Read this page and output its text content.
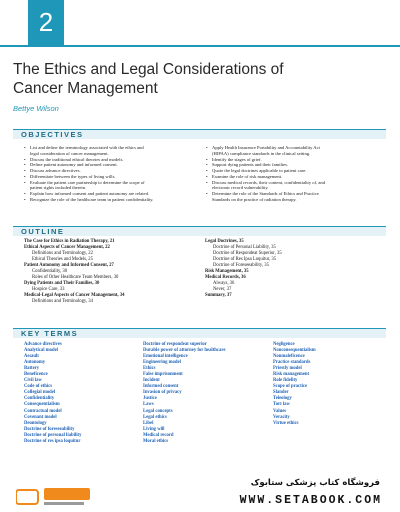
2
The Ethics and Legal Considerations of
Cancer Management
Bettye Wilson
OBJECTIVES
• List and define the terminology associated with the ethics and
legal consideration of cancer management.
• Discuss the traditional ethical theories and models.
• Define patient autonomy and informed consent.
• Discuss advance directives.
• Differentiate between the types of living wills.
• Evaluate the patient care partnership to determine the scope of
patient rights included therein.
• Explain how informed consent and patient autonomy are related.
• Recognize the role of the healthcare team in patient confidentiality.
• Apply Health Insurance Portability and Accountability Act
(HIPAA) compliance standards in the clinical setting.
• Identify the stages of grief.
• Support dying patients and their families.
• Quote the legal doctrines applicable to patient care.
• Examine the role of risk management.
• Discuss medical records, their content, confidentiality of, and
electronic record vulnerability.
• Determine the role of the Standards of Ethics and Practice
Standards on the practice of radiation therapy.
OUTLINE
The Case for Ethics in Radiation Therapy, 21
Ethical Aspects of Cancer Management, 22
Definitions and Terminology, 22
Ethical Theories and Models, 25
Patient Autonomy and Informed Consent, 27
Confidentiality, 30
Roles of Other Healthcare Team Members, 30
Dying Patients and Their Families, 30
Hospice Care, 33
Medical-Legal Aspects of Cancer Management, 34
Definitions and Terminology, 34
Legal Doctrines, 35
Doctrine of Personal Liability, 35
Doctrine of Respondeat Superior, 35
Doctrine of Res Ipsa Loquitur, 35
Doctrine of Foreseeability, 35
Risk Management, 35
Medical Records, 36
Always, 36
Never, 37
Summary, 37
KEY TERMS
Advance directives
Analytical model
Assault
Autonomy
Battery
Beneficence
Civil law
Code of ethics
Collegial model
Confidentiality
Consequentialism
Contractual model
Covenant model
Deontology
Doctrine of foreseeability
Doctrine of personal liability
Doctrine of res ipsa loquitur
Doctrine of respondeat superior
Durable power of attorney for healthcare
Emotional intelligence
Engineering model
Ethics
False imprisonment
Incident
Informed consent
Invasion of privacy
Justice
Laws
Legal concepts
Legal ethics
Libel
Living will
Medical record
Moral ethics
Negligence
Nonconsequentialism
Nonmaleficence
Practice standards
Priestly model
Risk management
Role fidelity
Scope of practice
Slander
Teleology
Tort law
Values
Veracity
Virtue ethics
فروشگاه کتاب پزشکی ستابوک
WWW.SETABOOK.COM
